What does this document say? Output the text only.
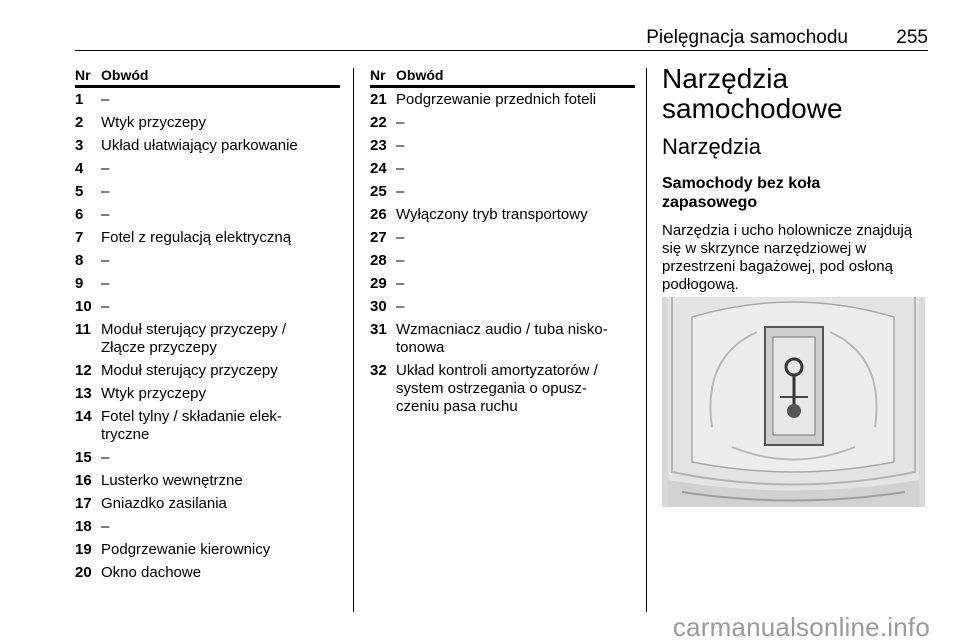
Pielęgnacja samochodu	255
Nr Obwód
1	–
2	Wtyk przyczepy
3	Układ ułatwiający parkowanie
4	–
5	–
6	–
7	Fotel z regulacją elektryczną
8	–
9	–
10 –
11 Moduł sterujący przyczepy /
Złącze przyczepy
12 Moduł sterujący przyczepy
13 Wtyk przyczepy
14 Fotel tylny / składanie elek-
tryczne
15 –
16 Lusterko wewnętrzne
17 Gniazdko zasilania
18 –
19 Podgrzewanie kierownicy
20 Okno dachowe
Nr Obwód
21 Podgrzewanie przednich foteli
22 –
23 –
24 –
25 –
26 Wyłączony tryb transportowy
27 –
28 –
29 –
30 –
31 Wzmacniacz audio / tuba nisko-
tonowa
32 Układ kontroli amortyzatorów /
system ostrzegania o opusz-
czeniu pasa ruchu
Narzędzia
samochodowe
Narzędzia
Samochody bez koła
zapasowego

Narzędzia i ucho holownicze znajdują
się w skrzynce narzędziowej w
przestrzeni bagażowej, pod osłoną
podłogową.

carmanualsonline.info
